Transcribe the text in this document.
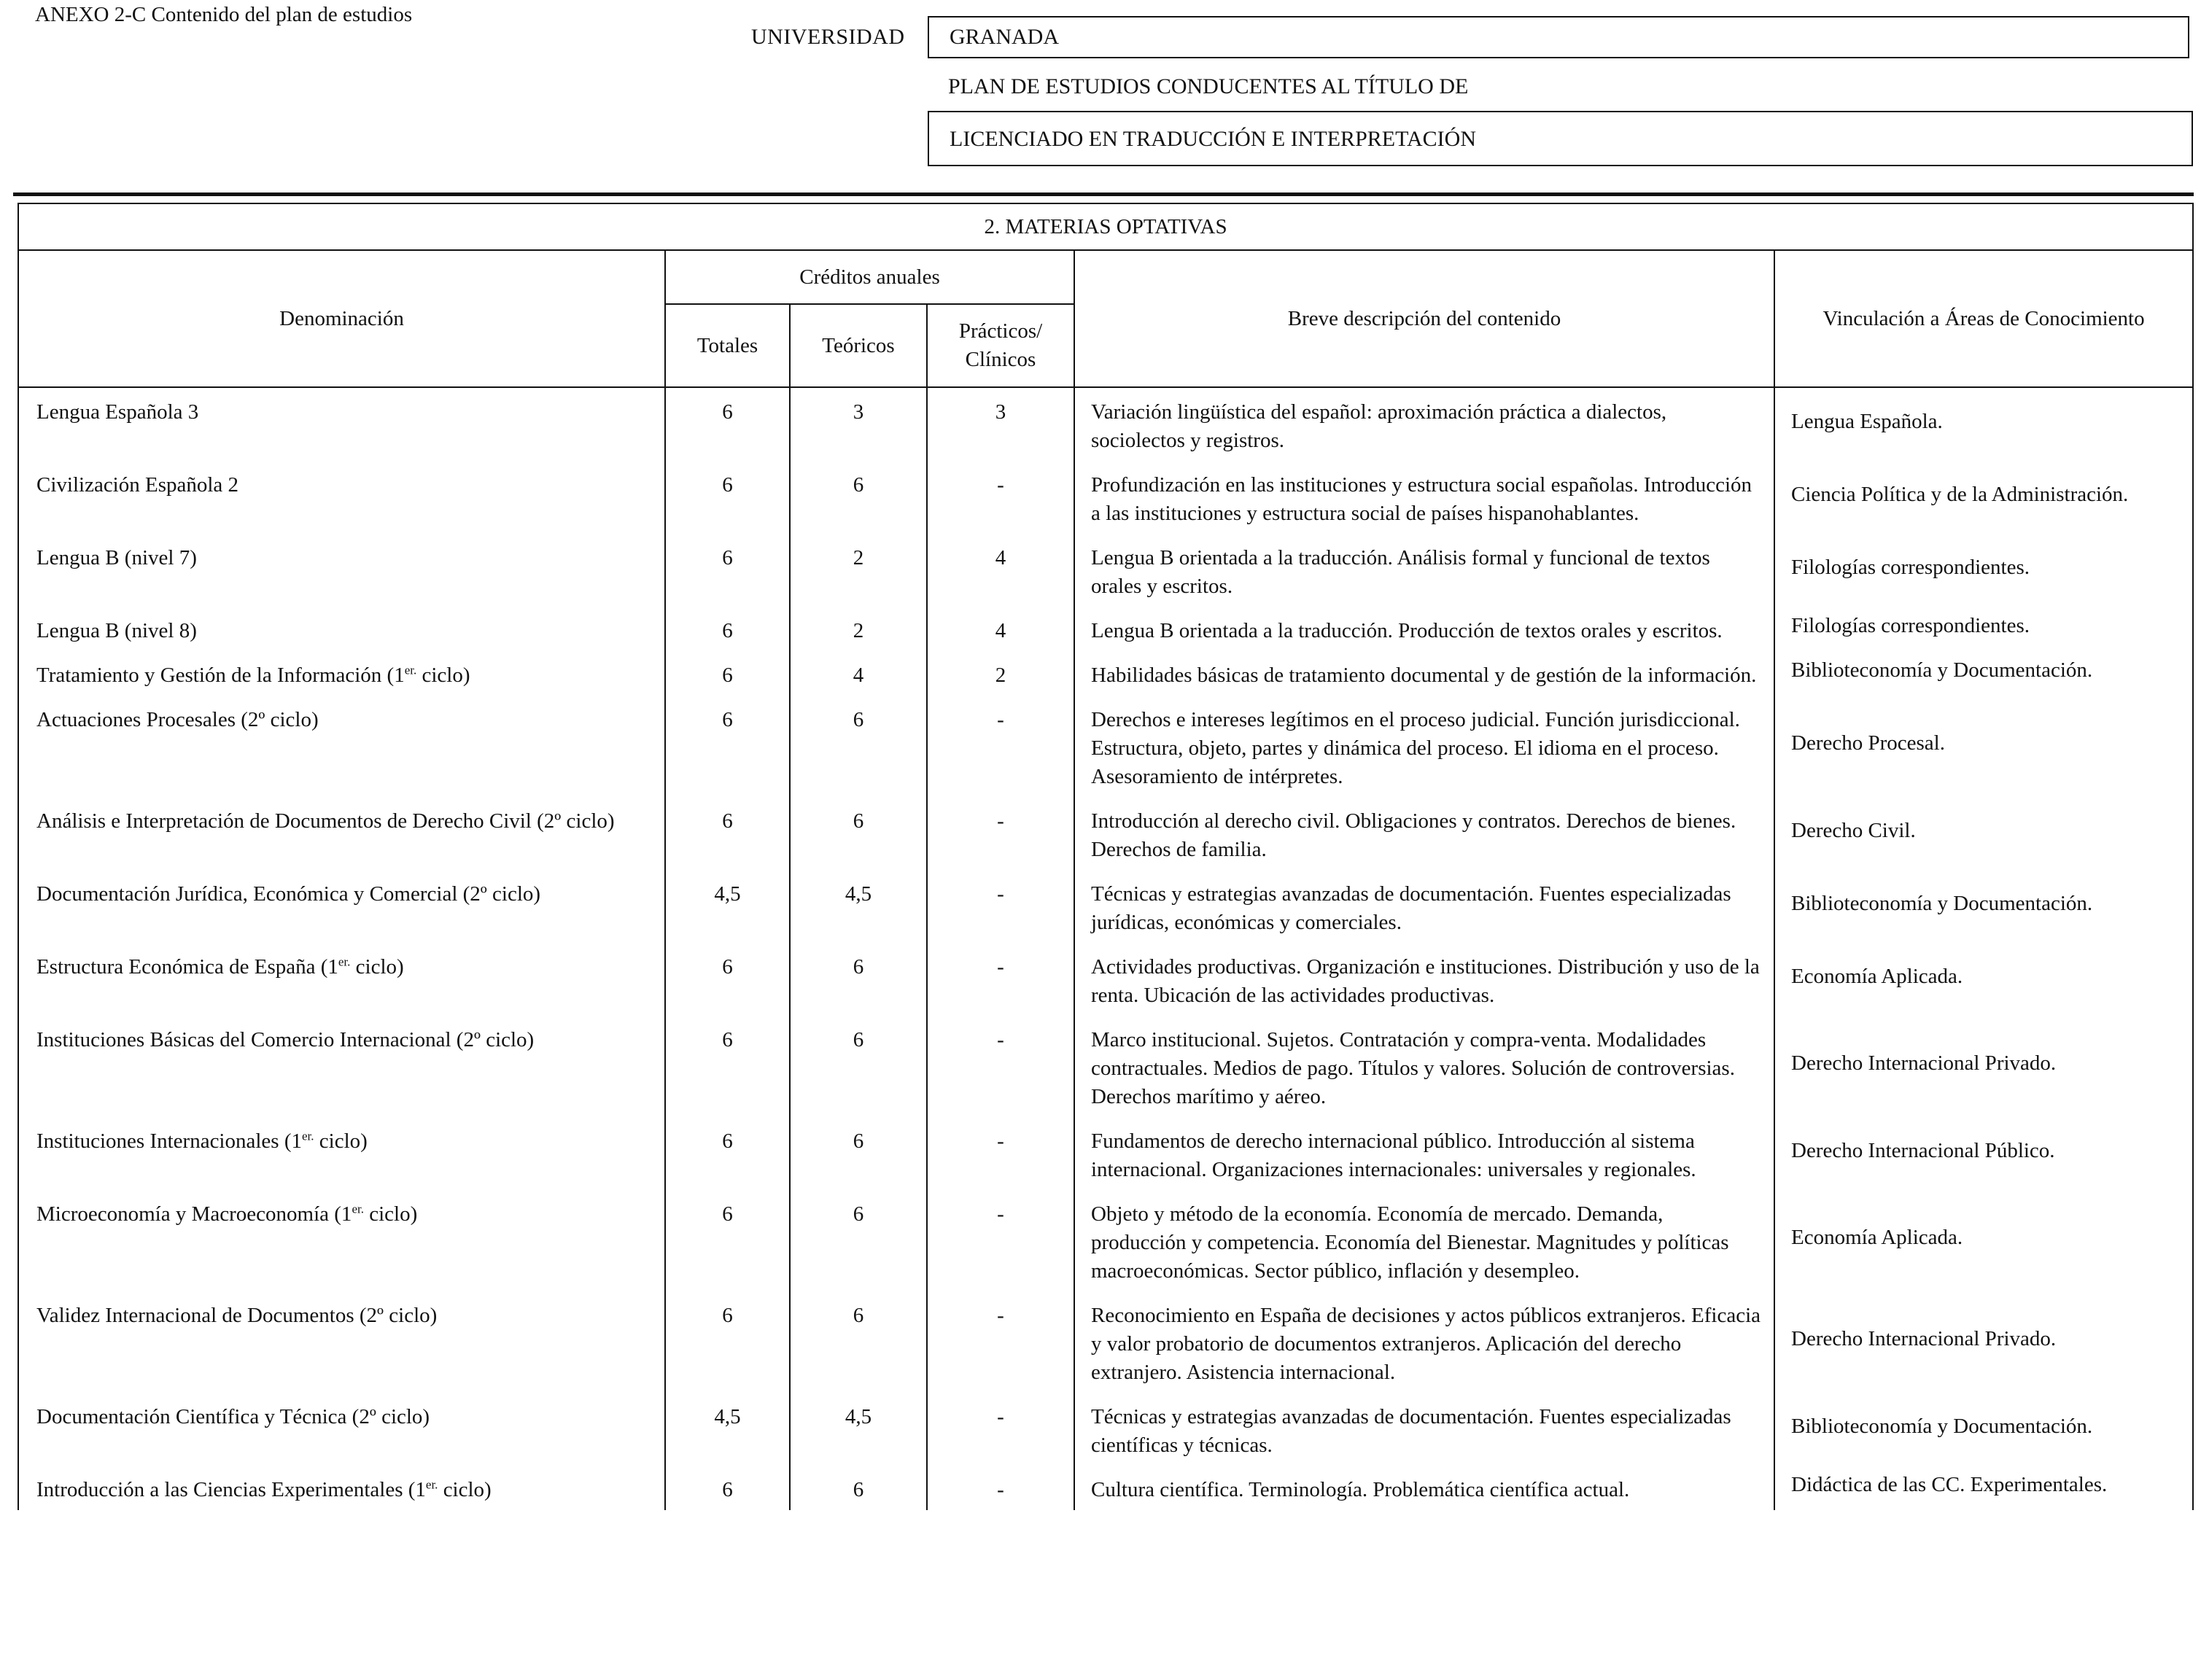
ANEXO 2-C Contenido del plan de estudios
UNIVERSIDAD	GRANADA
PLAN DE ESTUDIOS CONDUCENTES AL TÍTULO DE
LICENCIADO EN TRADUCCIÓN E INTERPRETACIÓN
2. MATERIAS OPTATIVAS					
Denominación	Créditos anuales			Breve descripción del contenido	Vinculación a Áreas de Conocimiento
	Totales	Teóricos	Prácticos/
Clínicos		
Lengua Española 3	6	3	3	Variación lingüística del español: aproximación práctica a dialectos, sociolectos y registros.	Lengua Española.
Civilización Española 2	6	6	-	Profundización en las instituciones y estructura social españolas. Introducción a las instituciones y estructura social de países hispanohablantes.	Ciencia Política y de la Administración.
Lengua B (nivel 7)	6	2	4	Lengua B orientada a la traducción. Análisis formal y funcional de textos orales y escritos.	Filologías correspondientes.
Lengua B (nivel 8)	6	2	4	Lengua B orientada a la traducción. Producción de textos orales y escritos.	Filologías correspondientes.
Tratamiento y Gestión de la Información ($1^{er.}$ ciclo)	6	4	2	Habilidades básicas de tratamiento documental y de gestión de la información.	Biblioteconomía y Documentación.
Actuaciones Procesales (2º ciclo)	6	6	-	Derechos e intereses legítimos en el proceso judicial. Función jurisdiccional. Estructura, objeto, partes y dinámica del proceso. El idioma en el proceso. Asesoramiento de intérpretes.	Derecho Procesal.
Análisis e Interpretación de Documentos de Derecho Civil (2º ciclo)	6	6	-	Introducción al derecho civil. Obligaciones y contratos. Derechos de bienes. Derechos de familia.	Derecho Civil.
Documentación Jurídica, Económica y Comercial (2º ciclo)	4,5	4,5	-	Técnicas y estrategias avanzadas de documentación. Fuentes especializadas jurídicas, económicas y comerciales.	Biblioteconomía y Documentación.
Estructura Económica de España ($1^{er.}$ ciclo)	6	6	-	Actividades productivas. Organización e instituciones. Distribución y uso de la renta. Ubicación de las actividades productivas.	Economía Aplicada.
Instituciones Básicas del Comercio Internacional (2º ciclo)	6	6	-	Marco institucional. Sujetos. Contratación y compra-venta. Modalidades contractuales. Medios de pago. Títulos y valores. Solución de controversias. Derechos marítimo y aéreo.	Derecho Internacional Privado.
Instituciones Internacionales ($1^{er.}$ ciclo)	6	6	-	Fundamentos de derecho internacional público. Introducción al sistema internacional. Organizaciones internacionales: universales y regionales.	Derecho Internacional Público.
Microeconomía y Macroeconomía ($1^{er.}$ ciclo)	6	6	-	Objeto y método de la economía. Economía de mercado. Demanda, producción y competencia. Economía del Bienestar. Magnitudes y políticas macroeconómicas. Sector público, inflación y desempleo.	Economía Aplicada.
Validez Internacional de Documentos (2º ciclo)	6	6	-	Reconocimiento en España de decisiones y actos públicos extranjeros. Eficacia y valor probatorio de documentos extranjeros. Aplicación del derecho extranjero. Asistencia internacional.	Derecho Internacional Privado.
Documentación Científica y Técnica (2º ciclo)	4,5	4,5	-	Técnicas y estrategias avanzadas de documentación. Fuentes especializadas científicas y técnicas.	Biblioteconomía y Documentación.
Introducción a las Ciencias Experimentales ($1^{er.}$ ciclo)	6	6	-	Cultura científica. Terminología. Problemática científica actual.	Didáctica de las CC. Experimentales.
